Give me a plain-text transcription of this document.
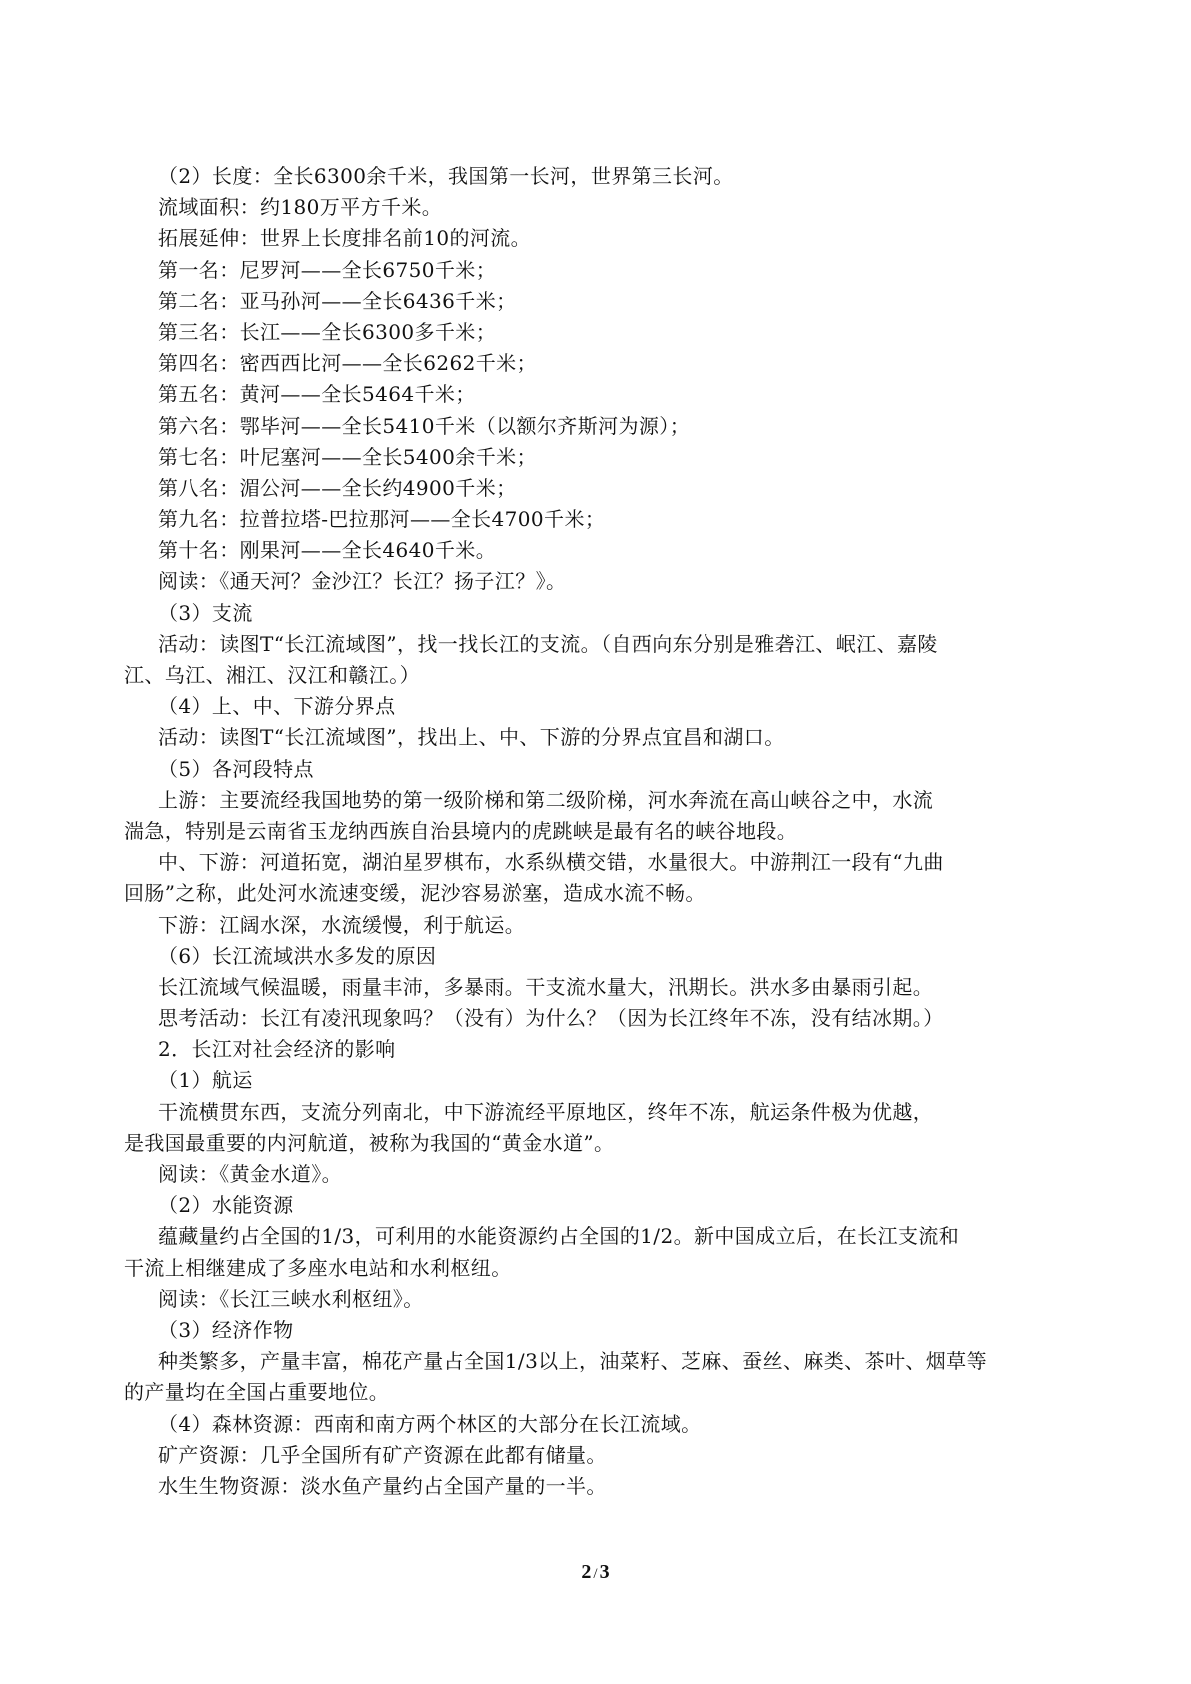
（2）长度：全长6300余千米，我国第一长河，世界第三长河。
流域面积：约180万平方千米。
拓展延伸：世界上长度排名前10的河流。
第一名：尼罗河——全长6750千米；
第二名：亚马孙河——全长6436千米；
第三名：长江——全长6300多千米；
第四名：密西西比河——全长6262千米；
第五名：黄河——全长5464千米；
第六名：鄂毕河——全长5410千米（以额尔齐斯河为源）；
第七名：叶尼塞河——全长5400余千米；
第八名：湄公河——全长约4900千米；
第九名：拉普拉塔-巴拉那河——全长4700千米；
第十名：刚果河——全长4640千米。
阅读：《通天河？金沙江？长江？扬子江？》。
（3）支流
活动：读图T“长江流域图”，找一找长江的支流。（自西向东分别是雅砻江、岷江、嘉陵
江、乌江、湘江、汉江和赣江。）
（4）上、中、下游分界点
活动：读图T“长江流域图”，找出上、中、下游的分界点宜昌和湖口。
（5）各河段特点
上游：主要流经我国地势的第一级阶梯和第二级阶梯，河水奔流在高山峡谷之中，水流
湍急，特别是云南省玉龙纳西族自治县境内的虎跳峡是最有名的峡谷地段。
中、下游：河道拓宽，湖泊星罗棋布，水系纵横交错，水量很大。中游荆江一段有“九曲
回肠”之称，此处河水流速变缓，泥沙容易淤塞，造成水流不畅。
下游：江阔水深，水流缓慢，利于航运。
（6）长江流域洪水多发的原因
长江流域气候温暖，雨量丰沛，多暴雨。干支流水量大，汛期长。洪水多由暴雨引起。
思考活动：长江有凌汛现象吗？（没有）为什么？（因为长江终年不冻，没有结冰期。）
2．长江对社会经济的影响
（1）航运
干流横贯东西，支流分列南北，中下游流经平原地区，终年不冻，航运条件极为优越，
是我国最重要的内河航道，被称为我国的“黄金水道”。
阅读：《黄金水道》。
（2）水能资源
蕴藏量约占全国的1/3，可利用的水能资源约占全国的1/2。新中国成立后，在长江支流和
干流上相继建成了多座水电站和水利枢纽。
阅读：《长江三峡水利枢纽》。
（3）经济作物
种类繁多，产量丰富，棉花产量占全国1/3以上，油菜籽、芝麻、蚕丝、麻类、茶叶、烟草等
的产量均在全国占重要地位。
（4）森林资源：西南和南方两个林区的大部分在长江流域。
矿产资源：几乎全国所有矿产资源在此都有储量。
水生生物资源：淡水鱼产量约占全国产量的一半。
2 / 3
